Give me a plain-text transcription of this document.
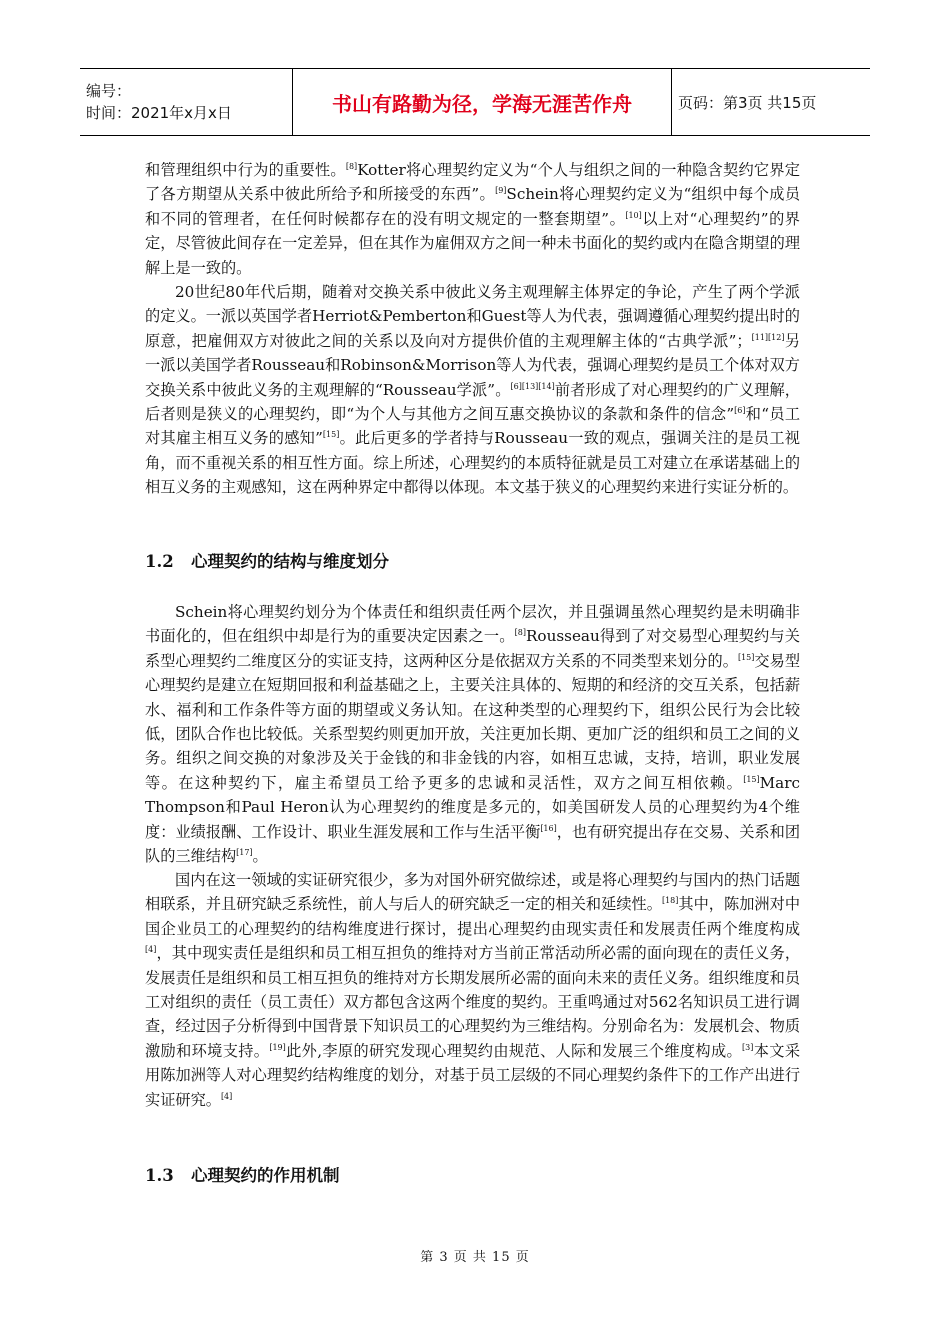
编号：
时间：2021年x月x日	书山有路勤为径，学海无涯苦作舟	页码：第3页 共15页

和管理组织中行为的重要性。[8]Kotter将心理契约定义为“个人与组织之间的一种隐含契约它界定了各方期望从关系中彼此所给予和所接受的东西”。[9]Schein将心理契约定义为“组织中每个成员和不同的管理者，在任何时候都存在的没有明文规定的一整套期望”。[10]以上对“心理契约”的界定，尽管彼此间存在一定差异，但在其作为雇佣双方之间一种未书面化的契约或内在隐含期望的理解上是一致的。

20世纪80年代后期，随着对交换关系中彼此义务主观理解主体界定的争论，产生了两个学派的定义。一派以英国学者Herriot&Pemberton和Guest等人为代表，强调遵循心理契约提出时的原意，把雇佣双方对彼此之间的关系以及向对方提供价值的主观理解主体的“古典学派”；[11][12]另一派以美国学者Rousseau和Robinson&Morrison等人为代表，强调心理契约是员工个体对双方交换关系中彼此义务的主观理解的“Rousseau学派”。[6][13][14]前者形成了对心理契约的广义理解，后者则是狭义的心理契约，即“为个人与其他方之间互惠交换协议的条款和条件的信念”[6]和“员工对其雇主相互义务的感知”[15]。此后更多的学者持与Rousseau一致的观点，强调关注的是员工视角，而不重视关系的相互性方面。综上所述，心理契约的本质特征就是员工对建立在承诺基础上的相互义务的主观感知，这在两种界定中都得以体现。本文基于狭义的心理契约来进行实证分析的。

1.2 心理契约的结构与维度划分

Schein将心理契约划分为个体责任和组织责任两个层次，并且强调虽然心理契约是未明确非书面化的，但在组织中却是行为的重要决定因素之一。[8]Rousseau得到了对交易型心理契约与关系型心理契约二维度区分的实证支持，这两种区分是依据双方关系的不同类型来划分的。[15]交易型心理契约是建立在短期回报和利益基础之上，主要关注具体的、短期的和经济的交互关系，包括薪水、福利和工作条件等方面的期望或义务认知。在这种类型的心理契约下，组织公民行为会比较低，团队合作也比较低。关系型契约则更加开放，关注更加长期、更加广泛的组织和员工之间的义务。组织之间交换的对象涉及关于金钱的和非金钱的内容，如相互忠诚，支持，培训，职业发展等。在这种契约下，雇主希望员工给予更多的忠诚和灵活性，双方之间互相依赖。[15]Marc Thompson和Paul Heron认为心理契约的维度是多元的，如美国研发人员的心理契约为4个维度：业绩报酬、工作设计、职业生涯发展和工作与生活平衡[16]，也有研究提出存在交易、关系和团队的三维结构[17]。

国内在这一领域的实证研究很少，多为对国外研究做综述，或是将心理契约与国内的热门话题相联系，并且研究缺乏系统性，前人与后人的研究缺乏一定的相关和延续性。[18]其中，陈加洲对中国企业员工的心理契约的结构维度进行探讨，提出心理契约由现实责任和发展责任两个维度构成[4]，其中现实责任是组织和员工相互担负的维持对方当前正常活动所必需的面向现在的责任义务，发展责任是组织和员工相互担负的维持对方长期发展所必需的面向未来的责任义务。组织维度和员工对组织的责任（员工责任）双方都包含这两个维度的契约。王重鸣通过对562名知识员工进行调查，经过因子分析得到中国背景下知识员工的心理契约为三维结构。分别命名为：发展机会、物质激励和环境支持。[19]此外,李原的研究发现心理契约由规范、人际和发展三个维度构成。[3]本文采用陈加洲等人对心理契约结构维度的划分，对基于员工层级的不同心理契约条件下的工作产出进行实证研究。[4]

1.3 心理契约的作用机制
第 3 页 共 15 页
